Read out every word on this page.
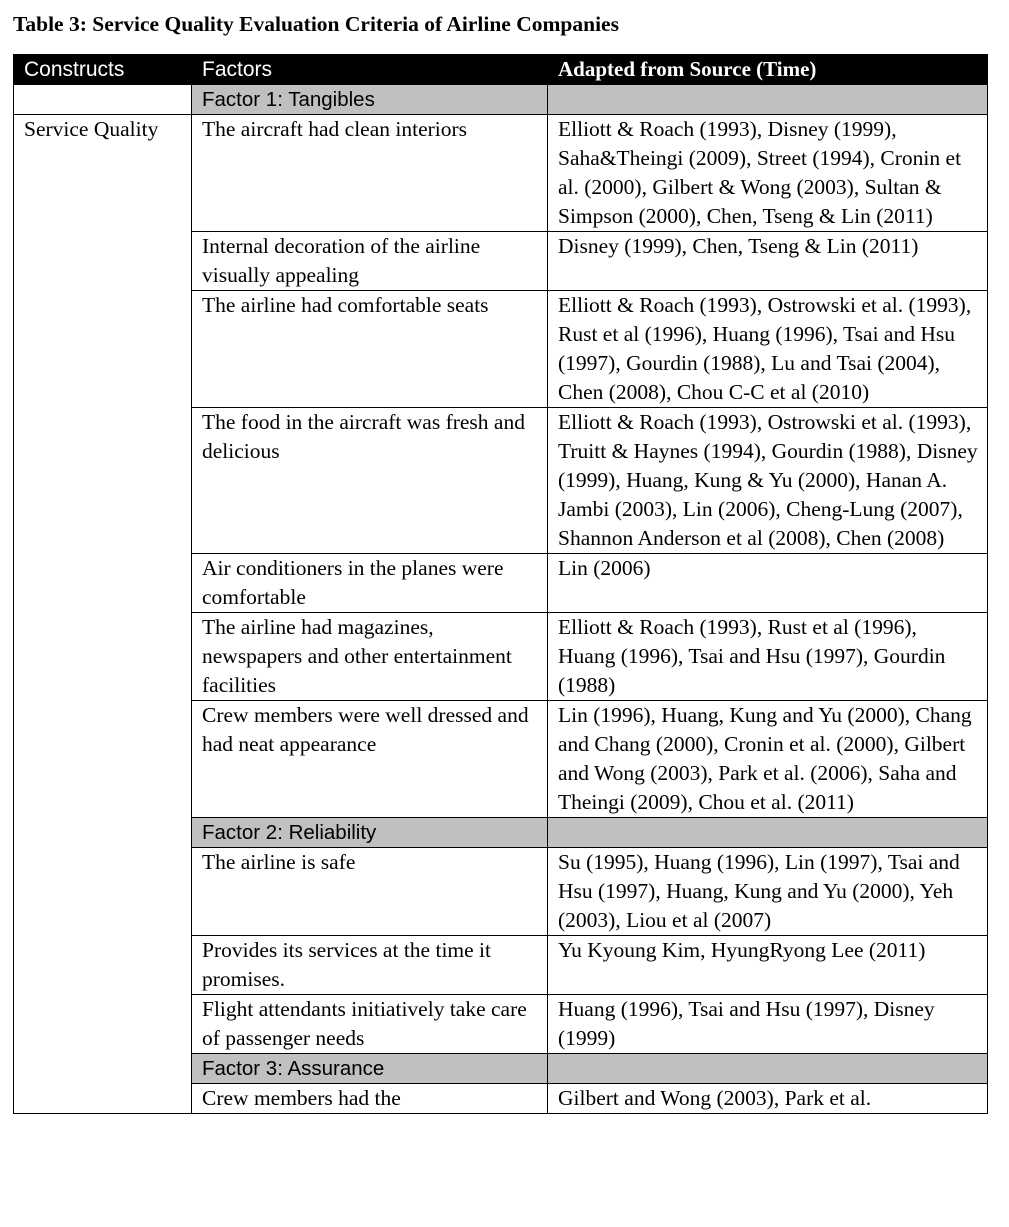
Table 3: Service Quality Evaluation Criteria of Airline Companies
Constructs	Factors	Adapted from Source (Time)
	Factor 1: Tangibles	
Service Quality	The aircraft had clean interiors	Elliott & Roach (1993), Disney (1999), Saha&Theingi (2009), Street (1994), Cronin et al. (2000), Gilbert & Wong (2003), Sultan & Simpson (2000), Chen, Tseng & Lin (2011)
	Internal decoration of the airline visually appealing	Disney (1999), Chen, Tseng & Lin (2011)
	The airline had comfortable seats	Elliott & Roach (1993), Ostrowski et al. (1993), Rust et al (1996), Huang (1996), Tsai and Hsu (1997), Gourdin (1988), Lu and Tsai (2004), Chen (2008), Chou C-C et al (2010)
	The food in the aircraft was fresh and delicious	Elliott & Roach (1993), Ostrowski et al. (1993), Truitt & Haynes (1994), Gourdin (1988), Disney (1999), Huang, Kung & Yu (2000), Hanan A. Jambi (2003), Lin (2006), Cheng-Lung (2007), Shannon Anderson et al (2008), Chen (2008)
	Air conditioners in the planes were comfortable	Lin (2006)
	The airline had magazines, newspapers and other entertainment facilities	Elliott & Roach (1993), Rust et al (1996), Huang (1996), Tsai and Hsu (1997), Gourdin (1988)
	Crew members were well dressed and had neat appearance	Lin (1996), Huang, Kung and Yu (2000), Chang and Chang (2000), Cronin et al. (2000), Gilbert and Wong (2003), Park et al. (2006), Saha and Theingi (2009), Chou et al. (2011)
	Factor 2: Reliability	
	The airline is safe	Su (1995), Huang (1996), Lin (1997), Tsai and Hsu (1997), Huang, Kung and Yu (2000), Yeh (2003), Liou et al (2007)
	Provides its services at the time it promises.	Yu Kyoung Kim, HyungRyong Lee (2011)
	Flight attendants initiatively take care of passenger needs	Huang (1996), Tsai and Hsu (1997), Disney (1999)
	Factor 3: Assurance	
	Crew members had the	Gilbert and Wong (2003), Park et al.
